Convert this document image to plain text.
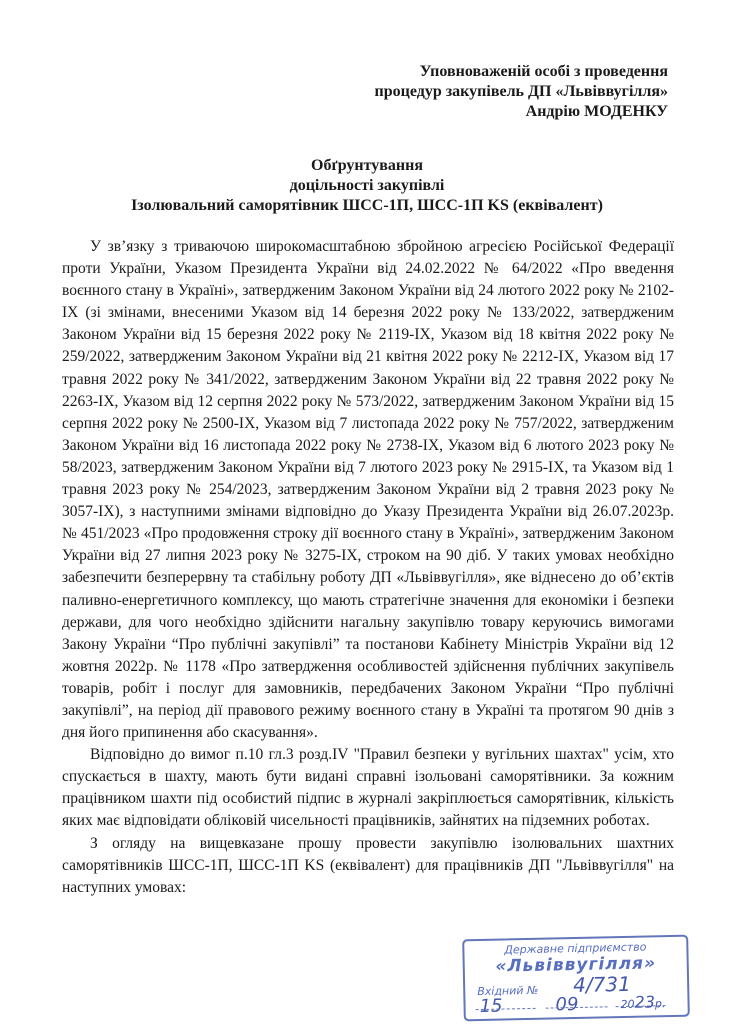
Уповноваженій особі з проведення
процедур закупівель ДП «Львіввугілля»
Андрію МОДЕНКУ
Обґрунтування
доцільності закупівлі
Ізолювальний саморятівник ШСС-1П, ШСС-1П KS (еквівалент)

У зв’язку з триваючою широкомасштабною збройною агресією Російської Федерації проти України, Указом Президента України від 24.02.2022 № 64/2022 «Про введення воєнного стану в Україні», затвердженим Законом України від 24 лютого 2022 року № 2102-IX (зі змінами, внесеними Указом від 14 березня 2022 року № 133/2022, затвердженим Законом України від 15 березня 2022 року № 2119-IX, Указом від 18 квітня 2022 року № 259/2022, затвердженим Законом України від 21 квітня 2022 року № 2212-IX, Указом від 17 травня 2022 року № 341/2022, затвердженим Законом України від 22 травня 2022 року № 2263-IX, Указом від 12 серпня 2022 року № 573/2022, затвердженим Законом України від 15 серпня 2022 року № 2500-IX, Указом від 7 листопада 2022 року № 757/2022, затвердженим Законом України від 16 листопада 2022 року № 2738-IX, Указом від 6 лютого 2023 року № 58/2023, затвердженим Законом України від 7 лютого 2023 року № 2915-IX, та Указом від 1 травня 2023 року № 254/2023, затвердженим Законом України від 2 травня 2023 року № 3057-IX), з наступними змінами відповідно до Указу Президента України від 26.07.2023р. № 451/2023 «Про продовження строку дії воєнного стану в Україні», затвердженим Законом України від 27 липня 2023 року № 3275-IX, строком на 90 діб. У таких умовах необхідно забезпечити безперервну та стабільну роботу ДП «Львіввугілля», яке віднесено до об’єктів паливно-енергетичного комплексу, що мають стратегічне значення для економіки і безпеки держави, для чого необхідно здійснити нагальну закупівлю товару керуючись вимогами Закону України “Про публічні закупівлі” та постанови Кабінету Міністрів України від 12 жовтня 2022р. № 1178 «Про затвердження особливостей здійснення публічних закупівель товарів, робіт і послуг для замовників, передбачених Законом України “Про публічні закупівлі”, на період дії правового режиму воєнного стану в Україні та протягом 90 днів з дня його припинення або скасування».

Відповідно до вимог п.10 гл.3 розд.IV "Правил безпеки у вугільних шахтах" усім, хто спускається в шахту, мають бути видані справні ізольовані саморятівники. За кожним працівником шахти під особистий підпис в журналі закріплюється саморятівник, кількість яких має відповідати обліковій чисельності працівників, зайнятих на підземних роботах.

З огляду на вищевказане прошу провести закупівлю ізолювальних шахтних саморятівників ШСС-1П, ШСС-1П KS (еквівалент) для працівників ДП "Львіввугілля" на наступних умовах:

Державне підприємство
«Львіввугілля»
Вхідний № 4/731
15	09	2023р.
